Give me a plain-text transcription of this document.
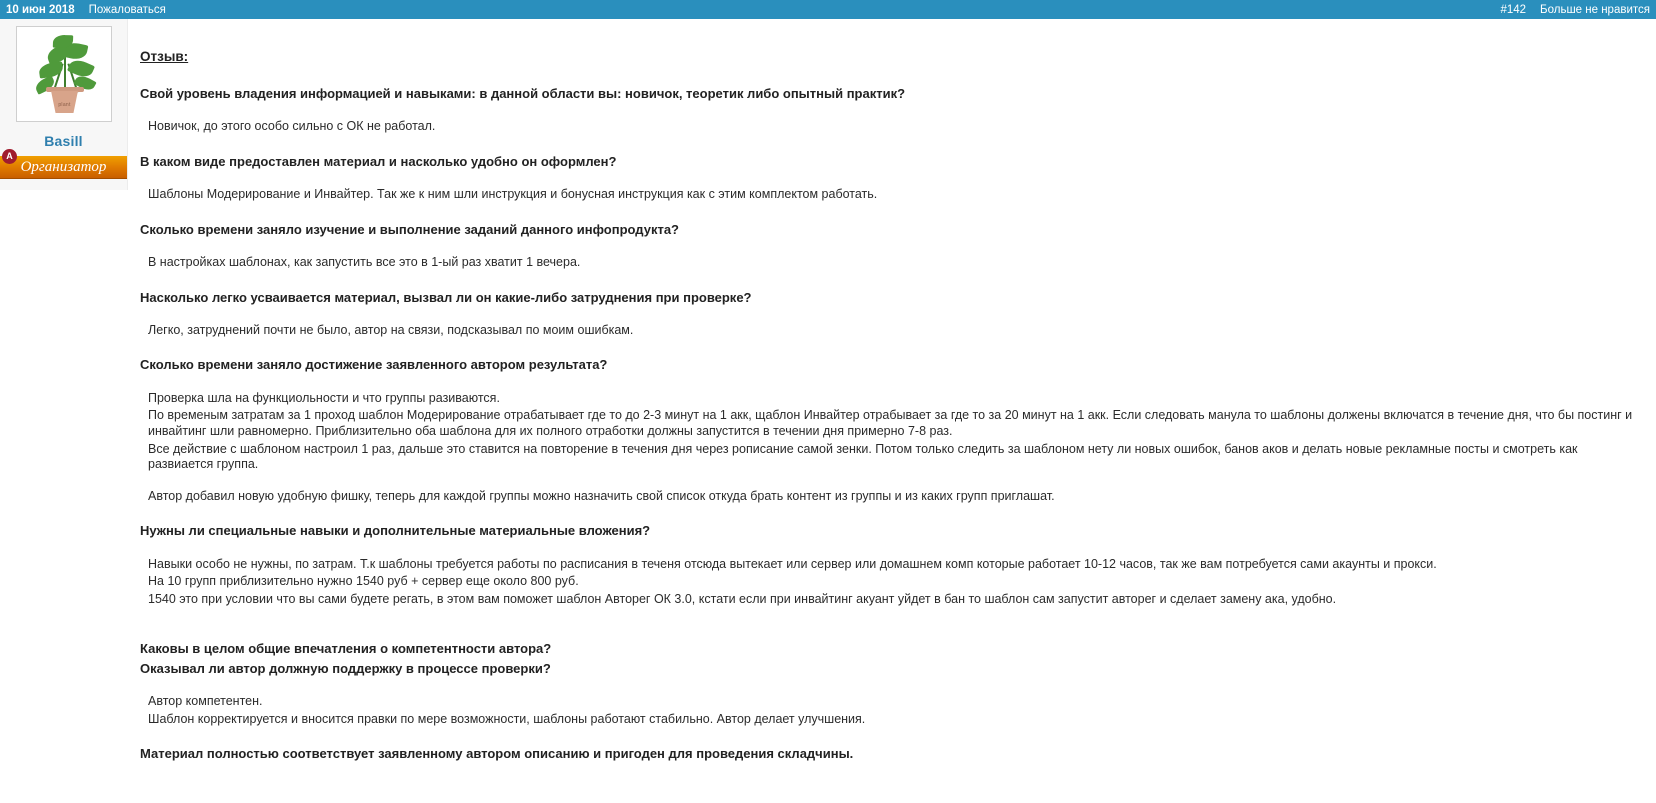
10 июн 2018 Пожаловаться	#142 Больше не нравится
plant
Basill
A
Организатор
Отзыв:
Свой уровень владения информацией и навыками: в данной области вы: новичок, теоретик либо опытный практик?

Новичок, до этого особо сильно с ОК не работал.

В каком виде предоставлен материал и насколько удобно он оформлен?

Шаблоны Модерирование и Инвайтер. Так же к ним шли инструкция и бонусная инструкция как с этим комплектом работать.

Сколько времени заняло изучение и выполнение заданий данного инфопродукта?

В настройках шаблонах, как запустить все это в 1-ый раз хватит 1 вечера.

Насколько легко усваивается материал, вызвал ли он какие-либо затруднения при проверке?

Легко, затруднений почти не было, автор на связи, подсказывал по моим ошибкам.

Сколько времени заняло достижение заявленного автором результата?

Проверка шла на функциольности и что группы разиваются.

По временым затратам за 1 проход шаблон Модерирование отрабатывает где то до 2-3 минут на 1 акк, щаблон Инвайтер отрабывает за где то за 20 минут на 1 акк. Если следовать манула то шаблоны должены включатся в течение дня, что бы постинг и инвайтинг шли равномерно. Приблизительно оба шаблона для их полного отработки должны запустится в течении дня примерно 7-8 раз.

Все действие с шаблоном настроил 1 раз, дальше это ставится на повторение в течения дня через рописание самой зенки. Потом только следить за шаблоном нету ли новых ошибок, банов аков и делать новые рекламные посты и смотреть как развиается группа.

Автор добавил новую удобную фишку, теперь для каждой группы можно назначить свой список откуда брать контент из группы и из каких групп приглашат.

Нужны ли специальные навыки и дополнительные материальные вложения?

Навыки особо не нужны, по затрам. Т.к шаблоны требуется работы по расписания в теченя отсюда вытекает или сервер или домашнем комп которые работает 10-12 часов, так же вам потребуется сами акаунты и прокси.

На 10 групп приблизительно нужно 1540 руб + сервер еще около 800 руб.

1540 это при условии что вы сами будете регать, в этом вам поможет шаблон Авторег ОК 3.0, кстати если при инвайтинг акуант уйдет в бан то шаблон сам запустит авторег и сделает замену ака, удобно.

Каковы в целом общие впечатления о компетентности автора?
Оказывал ли автор должную поддержку в процессе проверки?

Автор компетентен.

Шаблон корректируется и вносится правки по мере возможности, шаблоны работают стабильно. Автор делает улучшения.

Материал полностью соответствует заявленному автором описанию и пригоден для проведения складчины.
